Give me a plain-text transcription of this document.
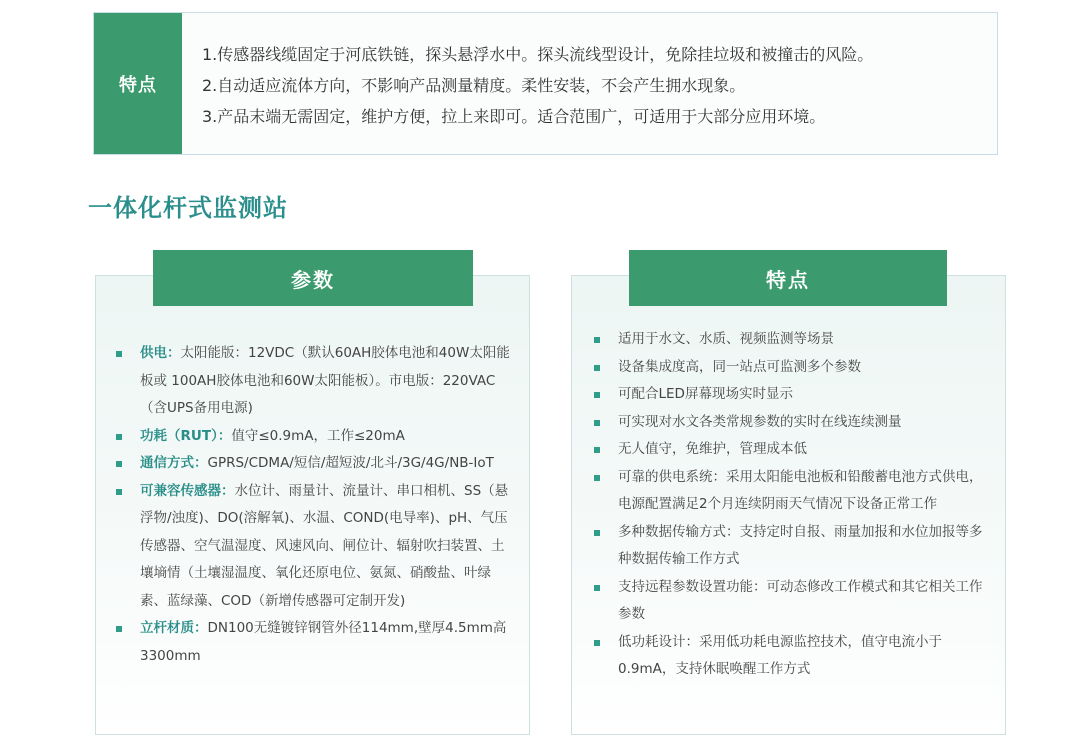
特点
1.传感器线缆固定于河底铁链，探头悬浮水中。探头流线型设计，免除挂垃圾和被撞击的风险。
2.自动适应流体方向，不影响产品测量精度。柔性安装，不会产生拥水现象。
3.产品末端无需固定，维护方便，拉上来即可。适合范围广，可适用于大部分应用环境。
一体化杆式监测站
参数
供电：太阳能版：12VDC（默认60AH胶体电池和40W太阳能板或 100AH胶体电池和60W太阳能板）。市电版：220VAC（含UPS备用电源)
功耗（RUT）：值守≤0.9mA，工作≤20mA
通信方式：GPRS/CDMA/短信/超短波/北斗/3G/4G/NB-IoT
可兼容传感器：水位计、雨量计、流量计、串口相机、SS（悬浮物/浊度)、DO(溶解氧)、水温、COND(电导率)、pH、气压传感器、空气温湿度、风速风向、闸位计、辐射吹扫装置、土壤墒情（土壤湿温度、氧化还原电位、氨氮、硝酸盐、叶绿素、蓝绿藻、COD（新增传感器可定制开发)
立杆材质：DN100无缝镀锌钢管外径114mm,壁厚4.5mm高3300mm
特点
适用于水文、水质、视频监测等场景
设备集成度高，同一站点可监测多个参数
可配合LED屏幕现场实时显示
可实现对水文各类常规参数的实时在线连续测量
无人值守，免维护，管理成本低
可靠的供电系统：采用太阳能电池板和铅酸蓄电池方式供电，电源配置满足2个月连续阴雨天气情况下设备正常工作
多种数据传输方式：支持定时自报、雨量加报和水位加报等多种数据传输工作方式
支持远程参数设置功能：可动态修改工作模式和其它相关工作参数
低功耗设计：采用低功耗电源监控技术，值守电流小于0.9mA，支持休眠唤醒工作方式
